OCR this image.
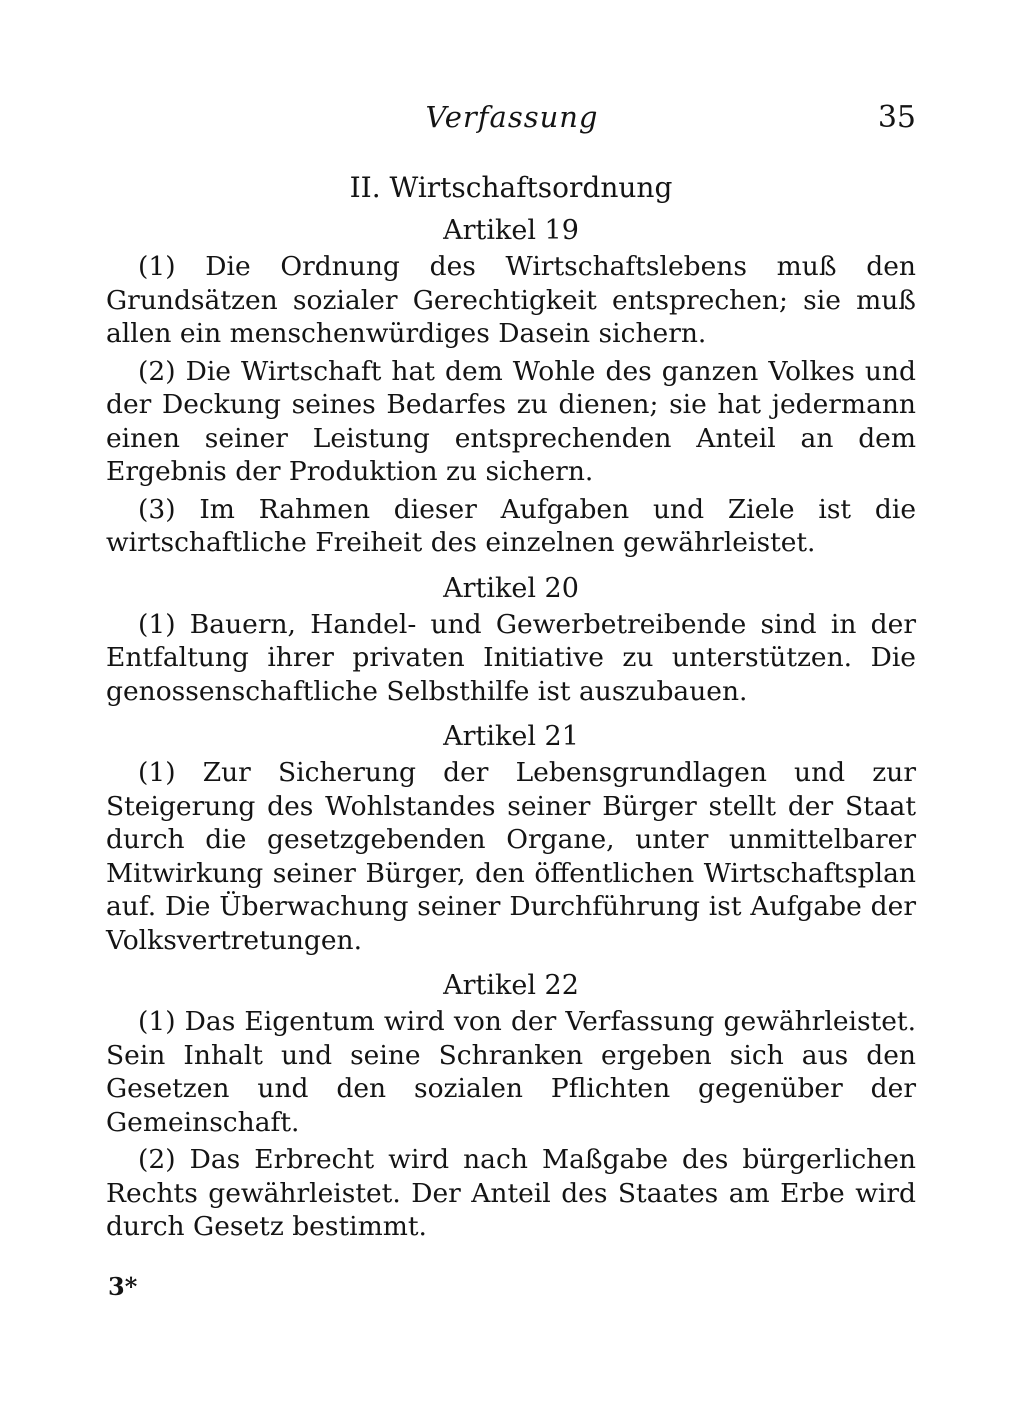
Verfassung	35
II. Wirtschaftsordnung
Artikel 19

(1) Die Ordnung des Wirtschaftslebens muß den Grundsätzen sozialer Gerechtigkeit entsprechen; sie muß allen ein menschenwürdiges Dasein sichern.

(2) Die Wirtschaft hat dem Wohle des ganzen Volkes und der Deckung seines Bedarfes zu dienen; sie hat jedermann einen seiner Leistung entsprechenden Anteil an dem Ergebnis der Produktion zu sichern.

(3) Im Rahmen dieser Aufgaben und Ziele ist die wirtschaftliche Freiheit des einzelnen gewährleistet.

Artikel 20

(1) Bauern, Handel- und Gewerbetreibende sind in der Entfaltung ihrer privaten Initiative zu unterstützen. Die genossenschaftliche Selbsthilfe ist auszubauen.

Artikel 21

(1) Zur Sicherung der Lebensgrundlagen und zur Steigerung des Wohlstandes seiner Bürger stellt der Staat durch die gesetzgebenden Organe, unter unmittelbarer Mitwirkung seiner Bürger, den öffentlichen Wirtschaftsplan auf. Die Überwachung seiner Durchführung ist Aufgabe der Volksvertretungen.

Artikel 22

(1) Das Eigentum wird von der Verfassung gewährleistet. Sein Inhalt und seine Schranken ergeben sich aus den Gesetzen und den sozialen Pflichten gegenüber der Gemeinschaft.

(2) Das Erbrecht wird nach Maßgabe des bürgerlichen Rechts gewährleistet. Der Anteil des Staates am Erbe wird durch Gesetz bestimmt.

3*
